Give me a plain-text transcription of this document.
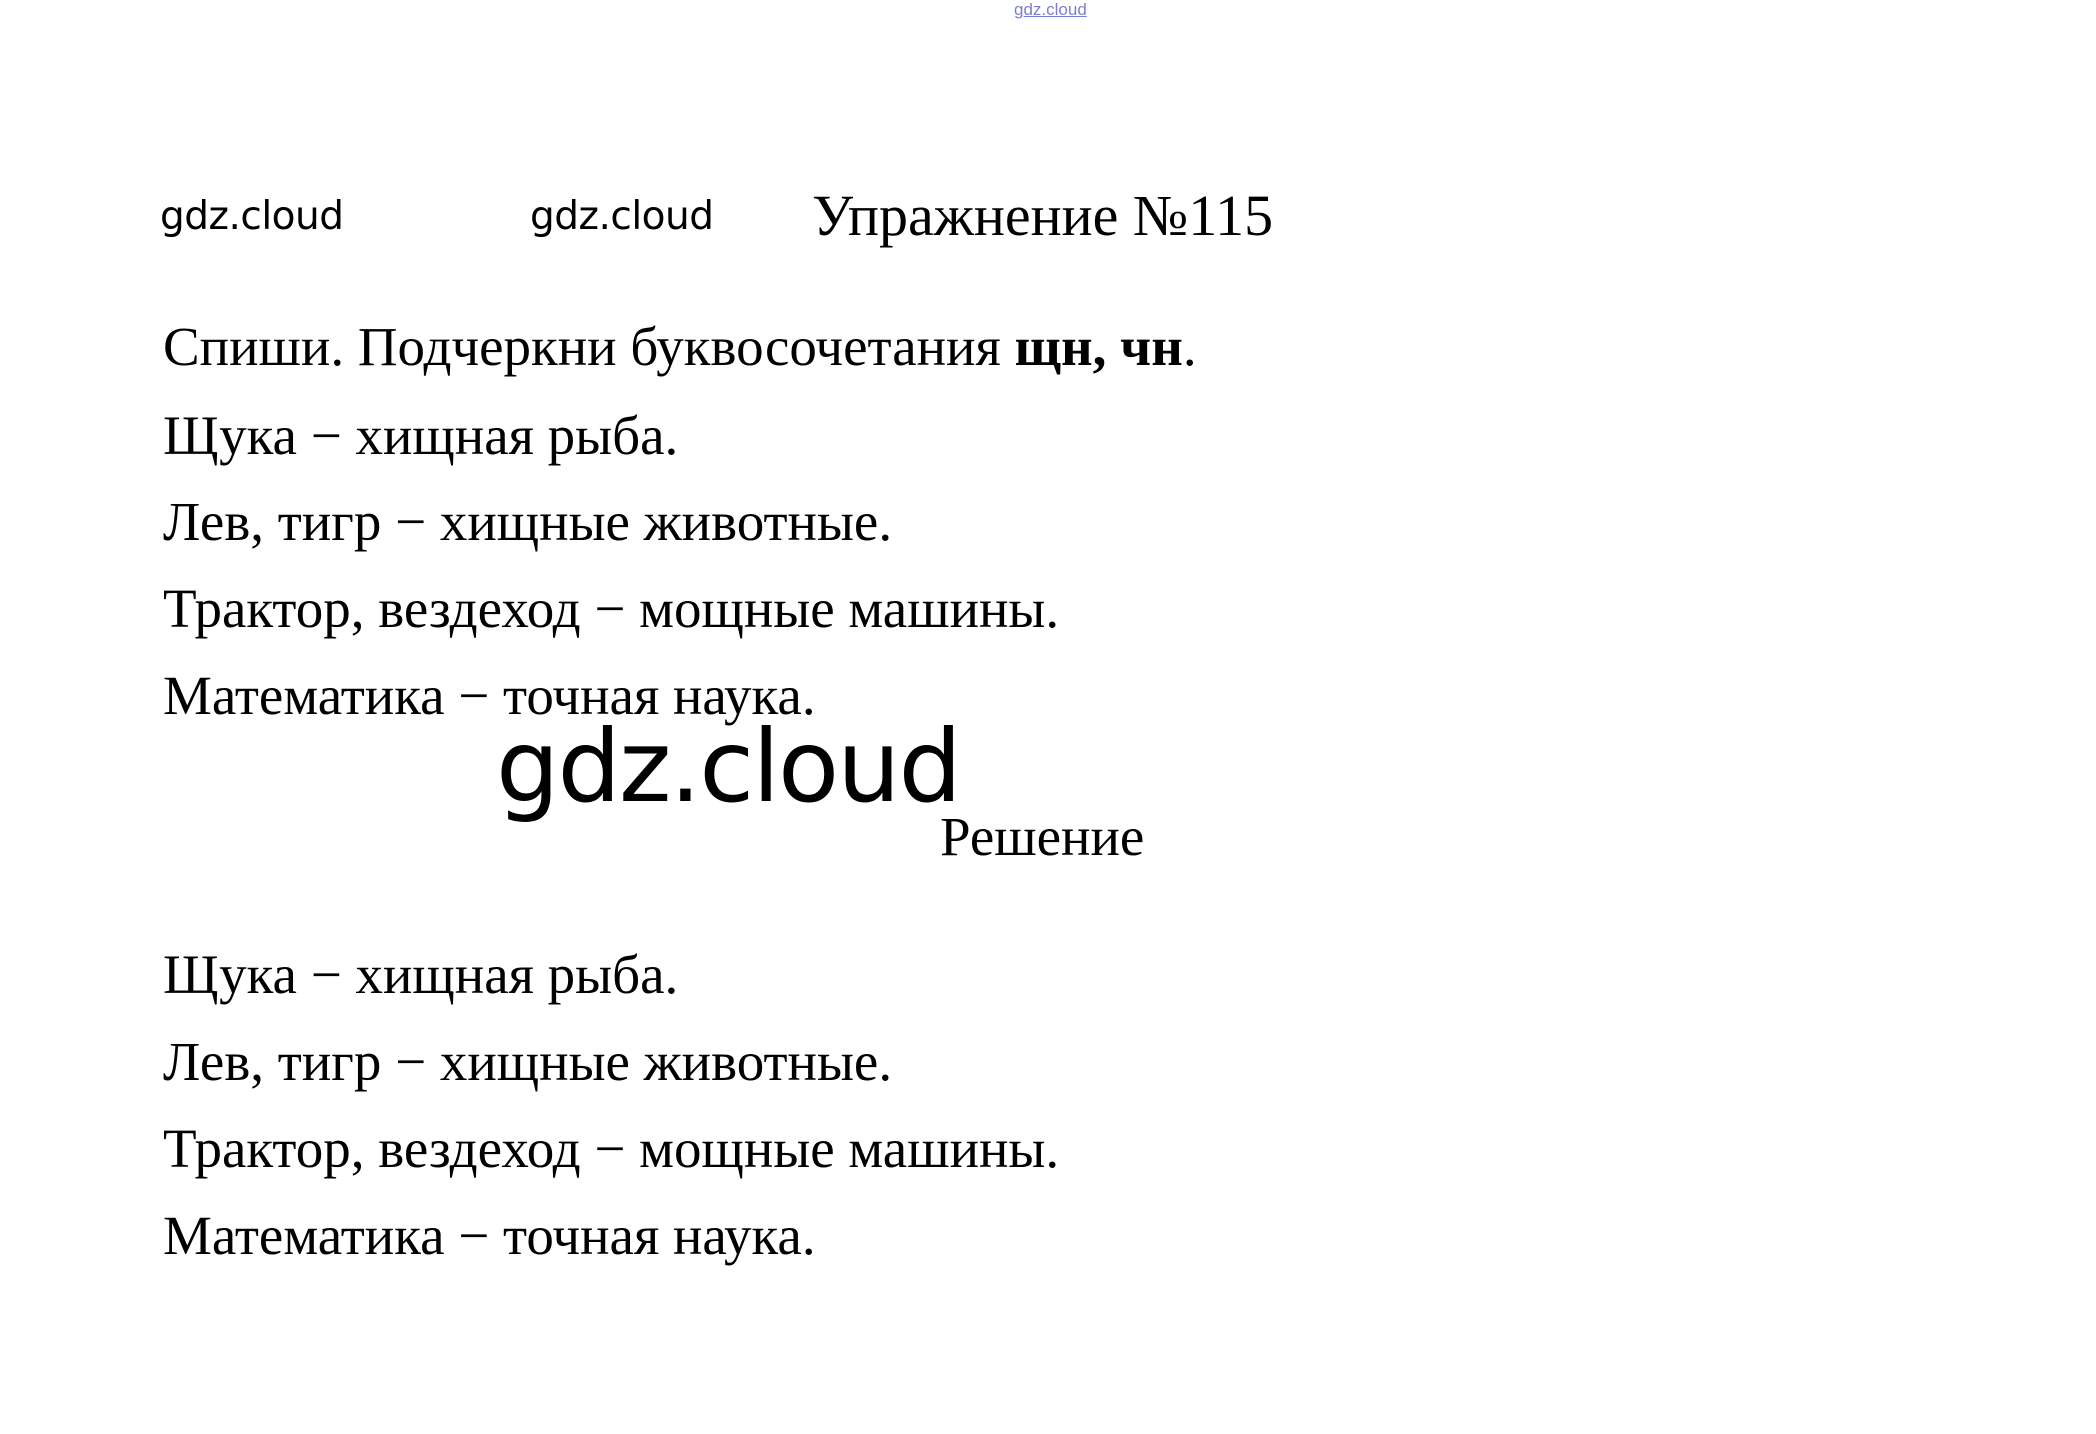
gdz.cloud
gdz.cloud	gdz.cloud Упражнение №115
Спиши. Подчеркни буквосочетания щн, чн.
Щука − хищная рыба.
Лев, тигр − хищные животные.
Трактор, вездеход − мощные машины.
Математика − точная наука.
gdz.cloud
Решение
Щука − хищная рыба.
Лев, тигр − хищные животные.
Трактор, вездеход − мощные машины.
Математика − точная наука.
